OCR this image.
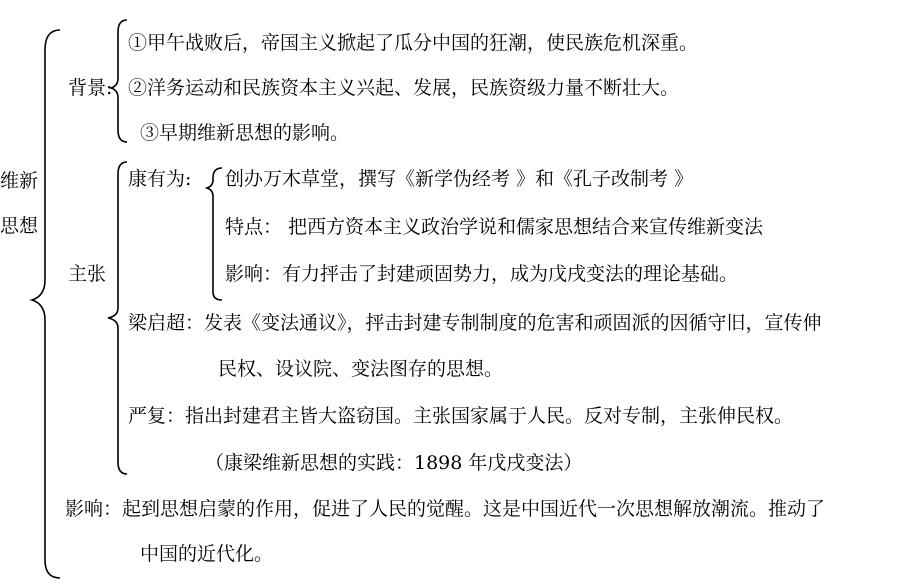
维新
思想
背景:
①甲午战败后，帝国主义掀起了瓜分中国的狂潮，使民族危机深重。
②洋务运动和民族资本主义兴起、发展，民族资级力量不断壮大。
③早期维新思想的影响。
主张
康有为: 创办万木草堂，撰写《新学伪经考 》和《孔子改制考 》
特点： 把西方资本主义政治学说和儒家思想结合来宣传维新变法
影响：有力抨击了封建顽固势力，成为戊戌变法的理论基础。
梁启超：发表《变法通议》，抨击封建专制制度的危害和顽固派的因循守旧，宣传伸
民权、设议院、变法图存的思想。
严复：指出封建君主皆大盗窃国。主张国家属于人民。反对专制，主张伸民权。
（康梁维新思想的实践：1898 年戊戌变法）
影响：起到思想启蒙的作用，促进了人民的觉醒。这是中国近代一次思想解放潮流。推动了
中国的近代化。
